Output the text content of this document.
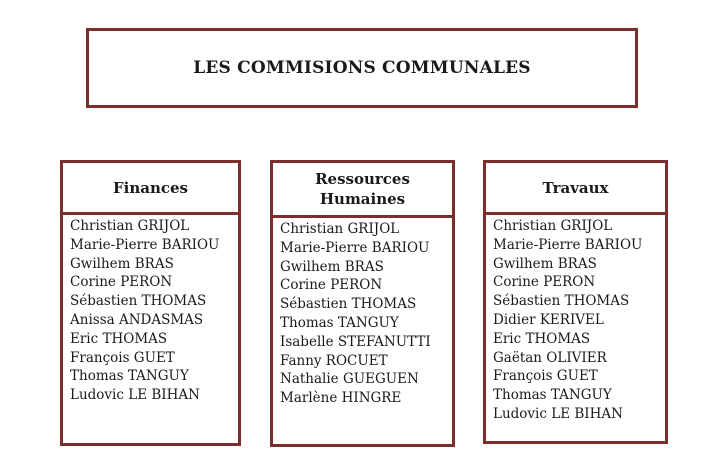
LES COMMISIONS COMMUNALES
Finances
Christian GRIJOL
Marie-Pierre BARIOU
Gwilhem BRAS
Corine PERON
Sébastien THOMAS
Anissa ANDASMAS
Eric THOMAS
François GUET
Thomas TANGUY
Ludovic LE BIHAN
Ressources
Humaines
Christian GRIJOL
Marie-Pierre BARIOU
Gwilhem BRAS
Corine PERON
Sébastien THOMAS
Thomas TANGUY
Isabelle STEFANUTTI
Fanny ROCUET
Nathalie GUEGUEN
Marlène HINGRE
Travaux
Christian GRIJOL
Marie-Pierre BARIOU
Gwilhem BRAS
Corine PERON
Sébastien THOMAS
Didier KERIVEL
Eric THOMAS
Gaëtan OLIVIER
François GUET
Thomas TANGUY
Ludovic LE BIHAN
